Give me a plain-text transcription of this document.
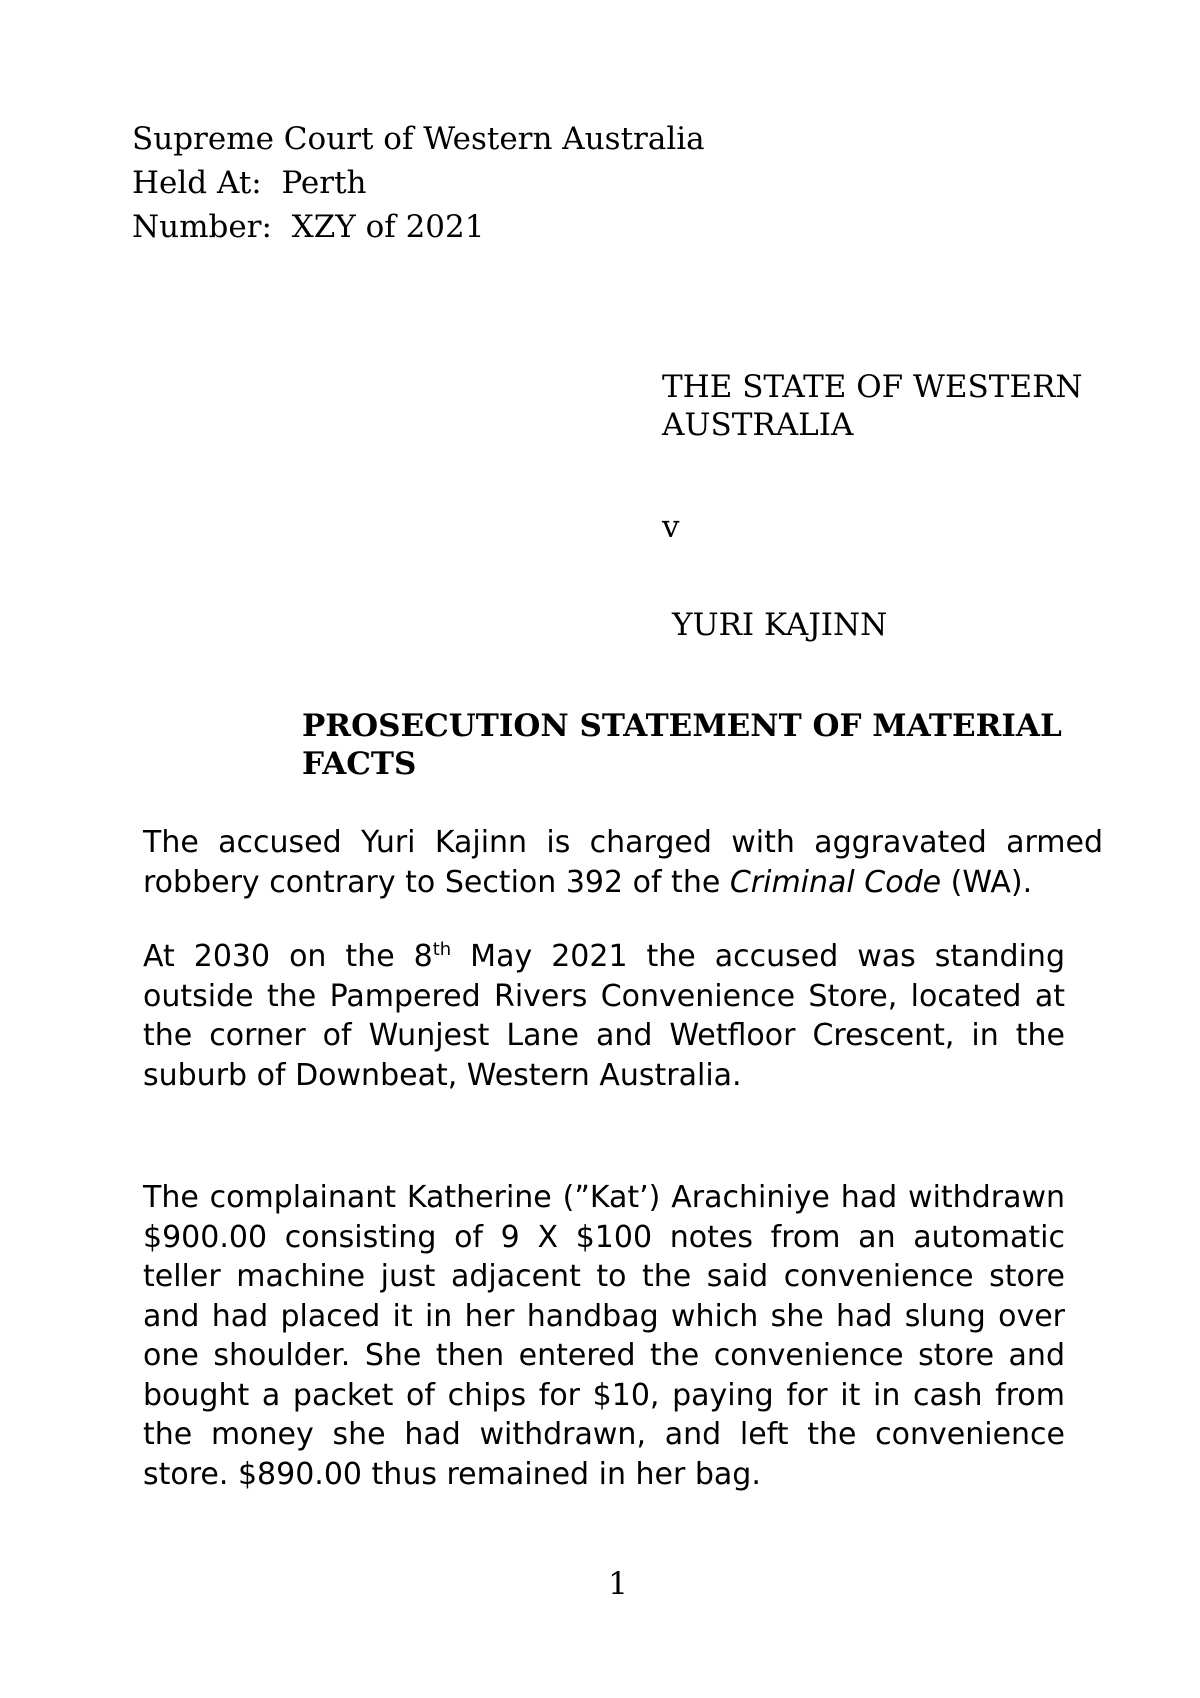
Supreme Court of Western Australia
Held At:  Perth
Number:  XZY of 2021
THE STATE OF WESTERN AUSTRALIA
v
YURI KAJINN
PROSECUTION STATEMENT OF MATERIAL FACTS

The accused Yuri Kajinn is charged with aggravated armed robbery contrary to Section 392 of the Criminal Code (WA).

At 2030 on the 8th May 2021 the accused was standing outside the Pampered Rivers Convenience Store, located at the corner of Wunjest Lane and Wetfloor Crescent, in the suburb of Downbeat, Western Australia.

The complainant Katherine (”Kat’) Arachiniye had withdrawn $900.00 consisting of 9 X $100 notes from an automatic teller machine just adjacent to the said convenience store and had placed it in her handbag which she had slung over one shoulder. She then entered the convenience store and bought a packet of chips for $10, paying for it in cash from the money she had withdrawn, and left the convenience store. $890.00 thus remained in her bag.

1
